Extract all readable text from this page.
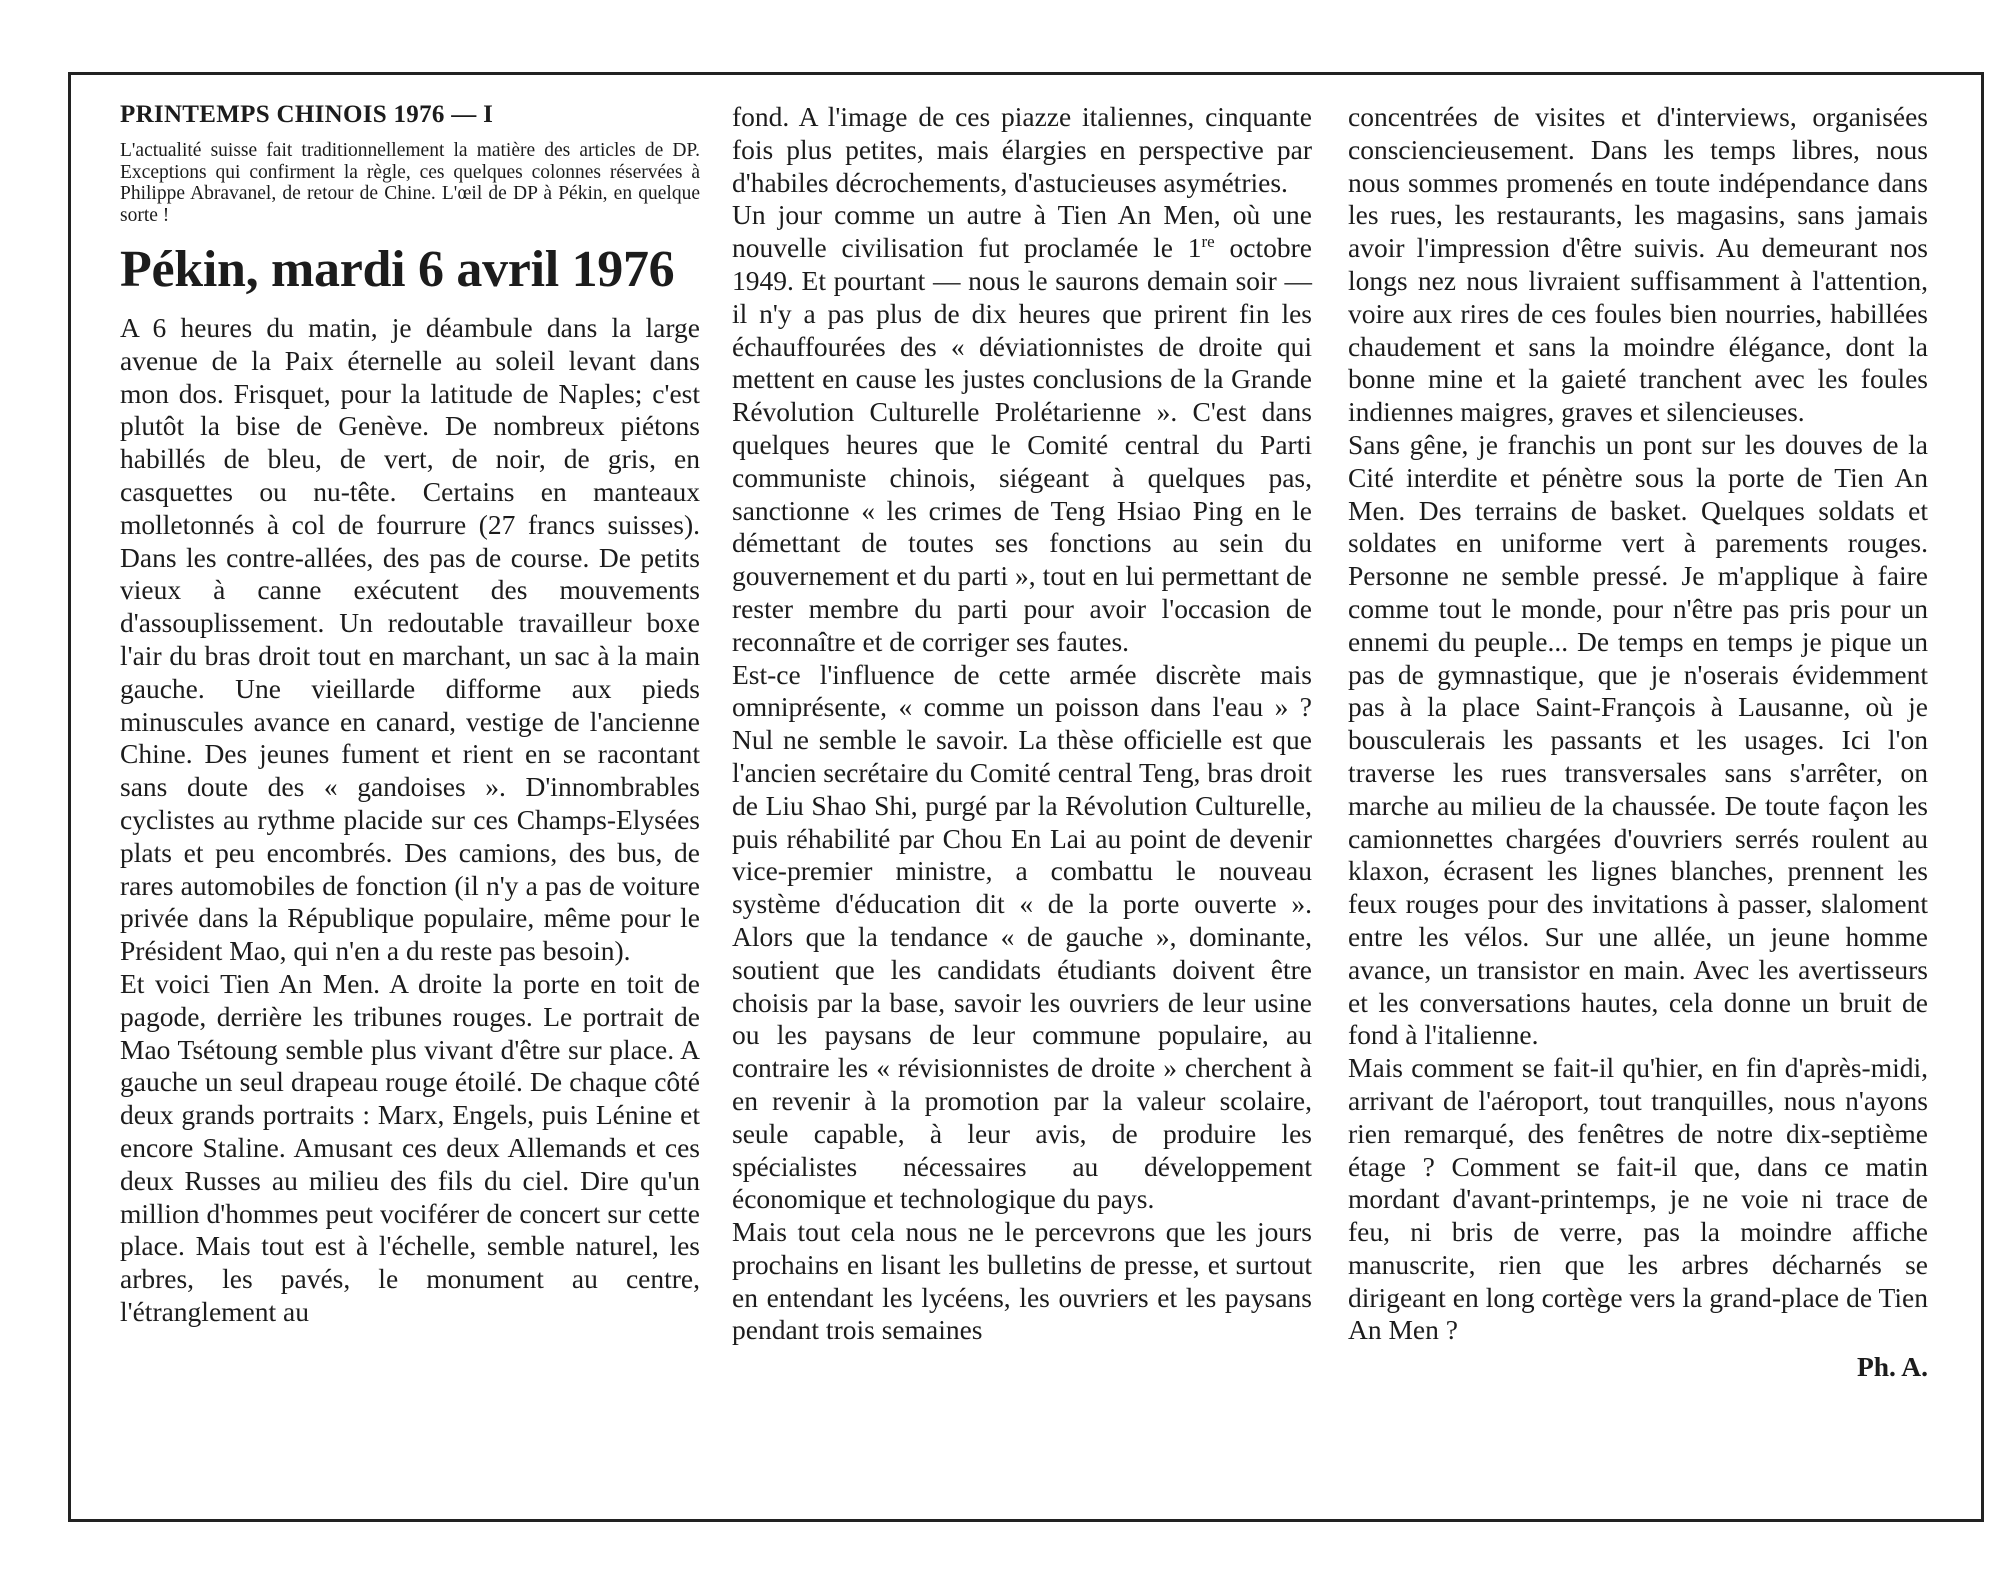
PRINTEMPS CHINOIS 1976 — I
L'actualité suisse fait traditionnellement la matière des articles de DP. Exceptions qui confirment la règle, ces quelques colonnes réservées à Philippe Abravanel, de retour de Chine. L'œil de DP à Pékin, en quelque sorte !
Pékin, mardi 6 avril 1976

A 6 heures du matin, je déambule dans la large avenue de la Paix éternelle au soleil levant dans mon dos. Frisquet, pour la latitude de Naples; c'est plutôt la bise de Genève. De nombreux piétons habillés de bleu, de vert, de noir, de gris, en casquettes ou nu-tête. Certains en manteaux molletonnés à col de fourrure (27 francs suisses). Dans les contre-allées, des pas de course. De petits vieux à canne exécutent des mouvements d'assouplissement. Un redoutable travailleur boxe l'air du bras droit tout en marchant, un sac à la main gauche. Une vieillarde difforme aux pieds minuscules avance en canard, vestige de l'ancienne Chine. Des jeunes fument et rient en se racontant sans doute des « gandoises ». D'innombrables cyclistes au rythme placide sur ces Champs-Elysées plats et peu encombrés. Des camions, des bus, de rares automobiles de fonction (il n'y a pas de voiture privée dans la République populaire, même pour le Président Mao, qui n'en a du reste pas besoin).

Et voici Tien An Men. A droite la porte en toit de pagode, derrière les tribunes rouges. Le portrait de Mao Tsétoung semble plus vivant d'être sur place. A gauche un seul drapeau rouge étoilé. De chaque côté deux grands portraits : Marx, Engels, puis Lénine et encore Staline. Amusant ces deux Allemands et ces deux Russes au milieu des fils du ciel. Dire qu'un million d'hommes peut vociférer de concert sur cette place. Mais tout est à l'échelle, semble naturel, les arbres, les pavés, le monument au centre, l'étranglement au

fond. A l'image de ces piazze italiennes, cinquante fois plus petites, mais élargies en perspective par d'habiles décrochements, d'astucieuses asymétries.

Un jour comme un autre à Tien An Men, où une nouvelle civilisation fut proclamée le 1re octobre 1949. Et pourtant — nous le saurons demain soir — il n'y a pas plus de dix heures que prirent fin les échauffourées des « déviationnistes de droite qui mettent en cause les justes conclusions de la Grande Révolution Culturelle Prolétarienne ». C'est dans quelques heures que le Comité central du Parti communiste chinois, siégeant à quelques pas, sanctionne « les crimes de Teng Hsiao Ping en le démettant de toutes ses fonctions au sein du gouvernement et du parti », tout en lui permettant de rester membre du parti pour avoir l'occasion de reconnaître et de corriger ses fautes.

Est-ce l'influence de cette armée discrète mais omniprésente, « comme un poisson dans l'eau » ? Nul ne semble le savoir. La thèse officielle est que l'ancien secrétaire du Comité central Teng, bras droit de Liu Shao Shi, purgé par la Révolution Culturelle, puis réhabilité par Chou En Lai au point de devenir vice-premier ministre, a combattu le nouveau système d'éducation dit « de la porte ouverte ». Alors que la tendance « de gauche », dominante, soutient que les candidats étudiants doivent être choisis par la base, savoir les ouvriers de leur usine ou les paysans de leur commune populaire, au contraire les « révisionnistes de droite » cherchent à en revenir à la promotion par la valeur scolaire, seule capable, à leur avis, de produire les spécialistes nécessaires au développement économique et technologique du pays.

Mais tout cela nous ne le percevrons que les jours prochains en lisant les bulletins de presse, et surtout en entendant les lycéens, les ouvriers et les paysans pendant trois semaines

concentrées de visites et d'interviews, organisées consciencieusement. Dans les temps libres, nous nous sommes promenés en toute indépendance dans les rues, les restaurants, les magasins, sans jamais avoir l'impression d'être suivis. Au demeurant nos longs nez nous livraient suffisamment à l'attention, voire aux rires de ces foules bien nourries, habillées chaudement et sans la moindre élégance, dont la bonne mine et la gaieté tranchent avec les foules indiennes maigres, graves et silencieuses.

Sans gêne, je franchis un pont sur les douves de la Cité interdite et pénètre sous la porte de Tien An Men. Des terrains de basket. Quelques soldats et soldates en uniforme vert à parements rouges. Personne ne semble pressé. Je m'applique à faire comme tout le monde, pour n'être pas pris pour un ennemi du peuple... De temps en temps je pique un pas de gymnastique, que je n'oserais évidemment pas à la place Saint-François à Lausanne, où je bousculerais les passants et les usages. Ici l'on traverse les rues transversales sans s'arrêter, on marche au milieu de la chaussée. De toute façon les camionnettes chargées d'ouvriers serrés roulent au klaxon, écrasent les lignes blanches, prennent les feux rouges pour des invitations à passer, slaloment entre les vélos. Sur une allée, un jeune homme avance, un transistor en main. Avec les avertisseurs et les conversations hautes, cela donne un bruit de fond à l'italienne.

Mais comment se fait-il qu'hier, en fin d'après-midi, arrivant de l'aéroport, tout tranquilles, nous n'ayons rien remarqué, des fenêtres de notre dix-septième étage ? Comment se fait-il que, dans ce matin mordant d'avant-printemps, je ne voie ni trace de feu, ni bris de verre, pas la moindre affiche manuscrite, rien que les arbres décharnés se dirigeant en long cortège vers la grand-place de Tien An Men ?

Ph. A.
